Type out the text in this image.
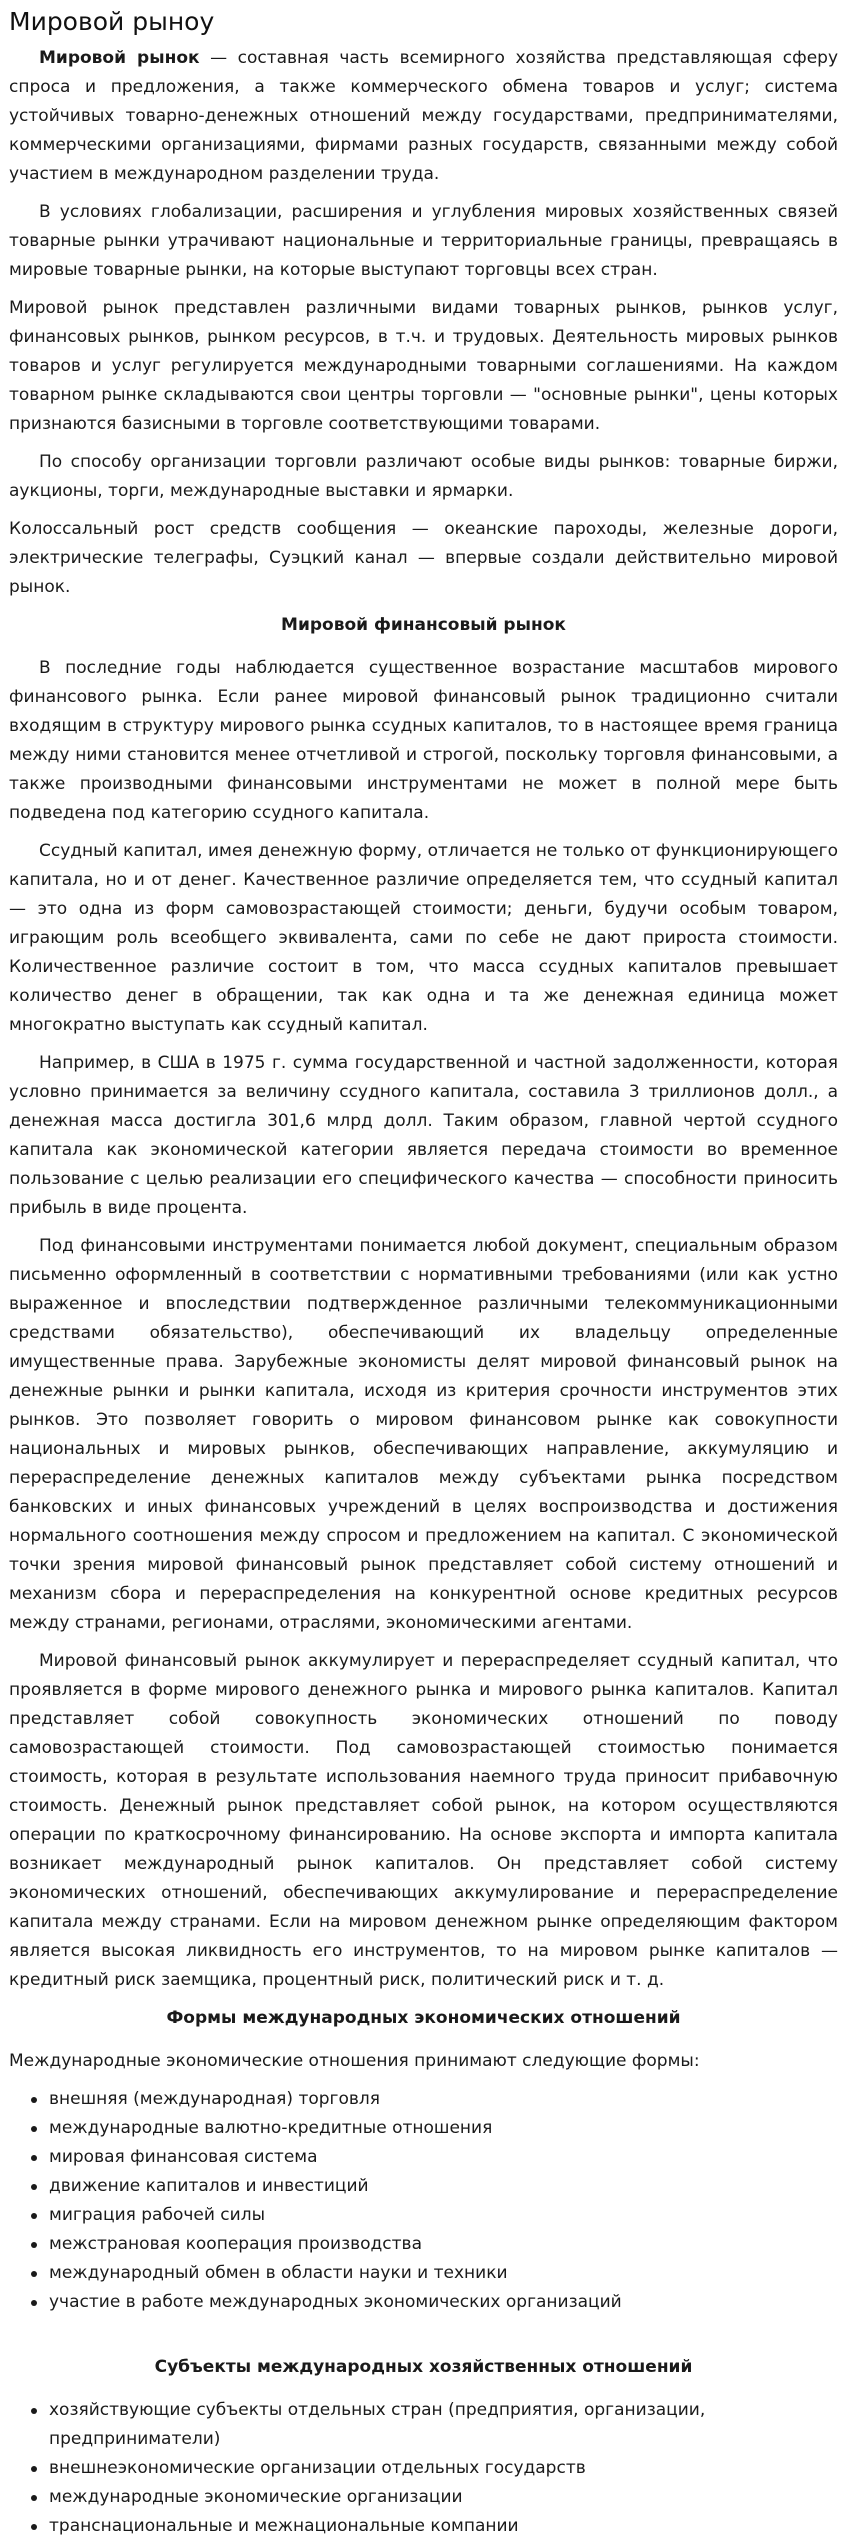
Мировой рыноу

Мировой рынок — составная часть всемирного хозяйства представляющая сферу спроса и предложения, а также коммерческого обмена товаров и услуг; система устойчивых товарно-денежных отношений между государствами, предпринимателями, коммерческими организациями, фирмами разных государств, связанными между собой участием в международном разделении труда.

В условиях глобализации, расширения и углубления мировых хозяйственных связей товарные рынки утрачивают национальные и территориальные границы, превращаясь в мировые товарные рынки, на которые выступают торговцы всех стран.

Мировой рынок представлен различными видами товарных рынков, рынков услуг, финансовых рынков, рынком ресурсов, в т.ч. и трудовых. Деятельность мировых рынков товаров и услуг регулируется международными товарными соглашениями. На каждом товарном рынке складываются свои центры торговли — "основные рынки", цены которых признаются базисными в торговле соответствующими товарами.

По способу организации торговли различают особые виды рынков: товарные биржи, аукционы, торги, международные выставки и ярмарки.

Колоссальный рост средств сообщения — океанские пароходы, железные дороги, электрические телеграфы, Суэцкий канал — впервые создали действительно мировой рынок.

Мировой финансовый рынок

В последние годы наблюдается существенное возрастание масштабов мирового финансового рынка. Если ранее мировой финансовый рынок традиционно считали входящим в структуру мирового рынка ссудных капиталов, то в настоящее время граница между ними становится менее отчетливой и строгой, поскольку торговля финансовыми, а также производными финансовыми инструментами не может в полной мере быть подведена под категорию ссудного капитала.

Ссудный капитал, имея денежную форму, отличается не только от функционирующего капитала, но и от денег. Качественное различие определяется тем, что ссудный капитал — это одна из форм самовозрастающей стоимости; деньги, будучи особым товаром, играющим роль всеобщего эквивалента, сами по себе не дают прироста стоимости. Количественное различие состоит в том, что масса ссудных капиталов превышает количество денег в обращении, так как одна и та же денежная единица может многократно выступать как ссудный капитал.

Например, в США в 1975 г. сумма государственной и частной задолженности, которая условно принимается за величину ссудного капитала, составила 3 триллионов долл., а денежная масса достигла 301,6 млрд долл. Таким образом, главной чертой ссудного капитала как экономической категории является передача стоимости во временное пользование с целью реализации его специфического качества — способности приносить прибыль в виде процента.

Под финансовыми инструментами понимается любой документ, специальным образом письменно оформленный в соответствии с нормативными требованиями (или как устно выраженное и впоследствии подтвержденное различными телекоммуникационными средствами обязательство), обеспечивающий их владельцу определенные имущественные права. Зарубежные экономисты делят мировой финансовый рынок на денежные рынки и рынки капитала, исходя из критерия срочности инструментов этих рынков. Это позволяет говорить о мировом финансовом рынке как совокупности национальных и мировых рынков, обеспечивающих направление, аккумуляцию и перераспределение денежных капиталов между субъектами рынка посредством банковских и иных финансовых учреждений в целях воспроизводства и достижения нормального соотношения между спросом и предложением на капитал. С экономической точки зрения мировой финансовый рынок представляет собой систему отношений и механизм сбора и перераспределения на конкурентной основе кредитных ресурсов между странами, регионами, отраслями, экономическими агентами.

Мировой финансовый рынок аккумулирует и перераспределяет ссудный капитал, что проявляется в форме мирового денежного рынка и мирового рынка капиталов. Капитал представляет собой совокупность экономических отношений по поводу самовозрастающей стоимости. Под самовозрастающей стоимостью понимается стоимость, которая в результате использования наемного труда приносит прибавочную стоимость. Денежный рынок представляет собой рынок, на котором осуществляются операции по краткосрочному финансированию. На основе экспорта и импорта капитала возникает международный рынок капиталов. Он представляет собой систему экономических отношений, обеспечивающих аккумулирование и перераспределение капитала между странами. Если на мировом денежном рынке определяющим фактором является высокая ликвидность его инструментов, то на мировом рынке капиталов — кредитный риск заемщика, процентный риск, политический риск и т. д.

Формы международных экономических отношений

Международные экономические отношения принимают следующие формы:

внешняя (международная) торговля
международные валютно-кредитные отношения
мировая финансовая система
движение капиталов и инвестиций
миграция рабочей силы
межстрановая кооперация производства
международный обмен в области науки и техники
участие в работе международных экономических организаций
Субъекты международных хозяйственных отношений
хозяйствующие субъекты отдельных стран (предприятия, организации, предприниматели)
внешнеэкономические организации отдельных государств
международные экономические организации
транснациональные и межнациональные компании
